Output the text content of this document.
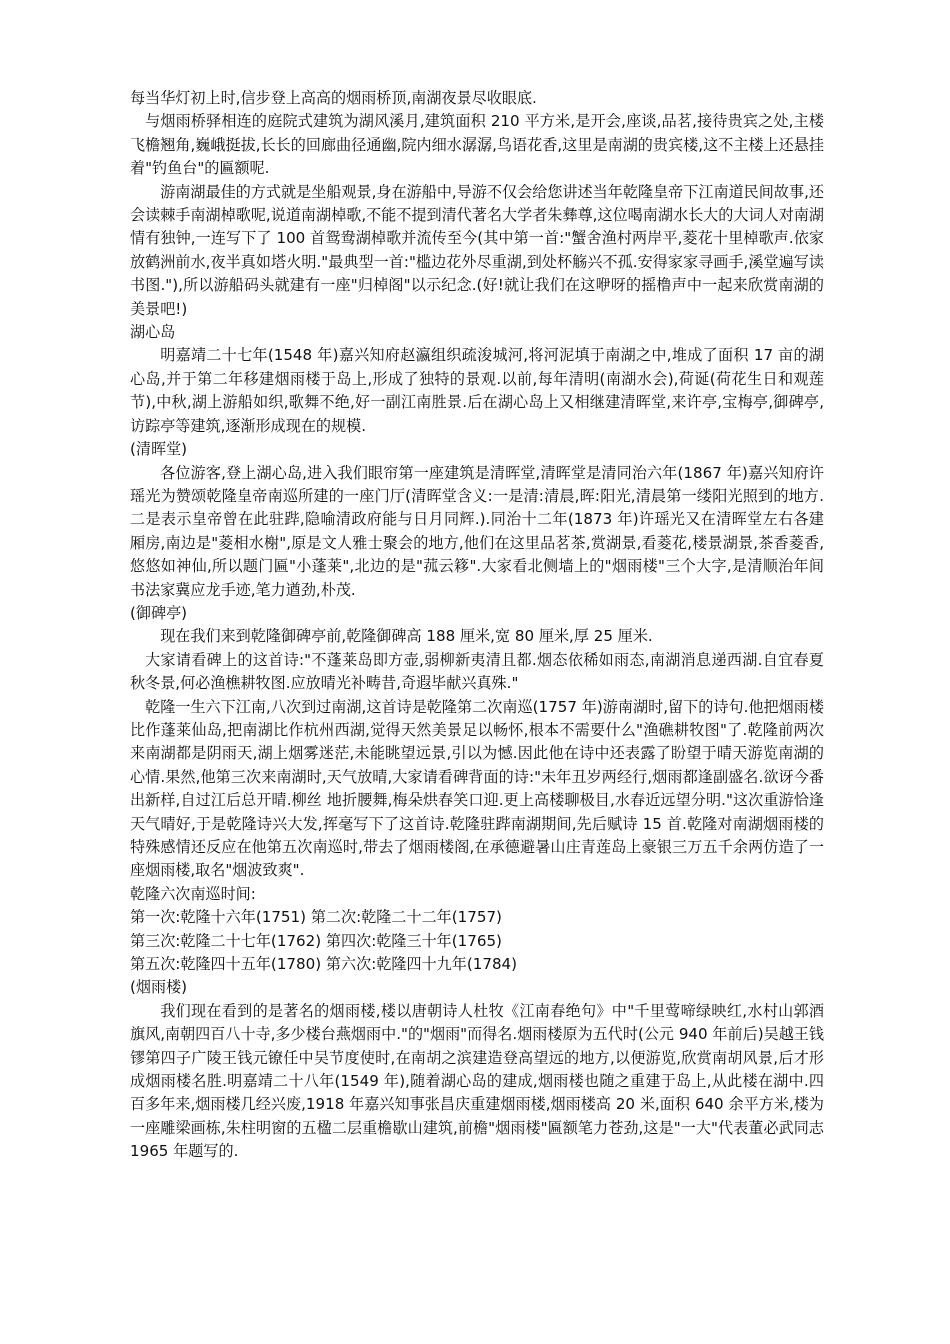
每当华灯初上时,信步登上高高的烟雨桥顶,南湖夜景尽收眼底.

与烟雨桥驿相连的庭院式建筑为湖风溪月,建筑面积 210 平方米,是开会,座谈,品茗,接待贵宾之处,主楼飞檐翘角,巍峨挺拔,长长的回廊曲径通幽,院内细水潺潺,鸟语花香,这里是南湖的贵宾楼,这不主楼上还悬挂着"钓鱼台"的匾额呢.

游南湖最佳的方式就是坐船观景,身在游船中,导游不仅会给您讲述当年乾隆皇帝下江南道民间故事,还会读棘手南湖棹歌呢,说道南湖棹歌,不能不提到清代著名大学者朱彝尊,这位喝南湖水长大的大词人对南湖情有独钟,一连写下了 100 首鸳鸯湖棹歌并流传至今(其中第一首:"蟹舍渔村两岸平,菱花十里棹歌声.依家放鹤洲前水,夜半真如塔火明."最典型一首:"槛边花外尽重湖,到处杯觞兴不孤.安得家家寻画手,溪堂遍写读书图."),所以游船码头就建有一座"归棹阁"以示纪念.(好!就让我们在这咿呀的摇橹声中一起来欣赏南湖的美景吧!)

湖心岛

明嘉靖二十七年(1548 年)嘉兴知府赵瀛组织疏浚城河,将河泥填于南湖之中,堆成了面积 17 亩的湖心岛,并于第二年移建烟雨楼于岛上,形成了独特的景观.以前,每年清明(南湖水会),荷诞(荷花生日和观莲节),中秋,湖上游船如织,歌舞不绝,好一副江南胜景.后在湖心岛上又相继建清晖堂,来许亭,宝梅亭,御碑亭,访踪亭等建筑,逐渐形成现在的规模.

(清晖堂)

各位游客,登上湖心岛,进入我们眼帘第一座建筑是清晖堂,清晖堂是清同治六年(1867 年)嘉兴知府许瑶光为赞颂乾隆皇帝南巡所建的一座门厅(清晖堂含义:一是清:清晨,晖:阳光,清晨第一缕阳光照到的地方.二是表示皇帝曾在此驻跸,隐喻清政府能与日月同辉.).同治十二年(1873 年)许瑶光又在清晖堂左右各建厢房,南边是"菱相水榭",原是文人雅士聚会的地方,他们在这里品茗茶,赏湖景,看菱花,楼景湖景,茶香菱香,悠悠如神仙,所以题门匾"小蓬莱",北边的是"菰云簃".大家看北侧墙上的"烟雨楼"三个大字,是清顺治年间书法家冀应龙手迹,笔力遒劲,朴茂.

(御碑亭)

现在我们来到乾隆御碑亭前,乾隆御碑高 188 厘米,宽 80 厘米,厚 25 厘米.

大家请看碑上的这首诗:"不蓬莱岛即方壶,弱柳新夷清且都.烟态依稀如雨态,南湖消息递西湖.自宜春夏秋冬景,何必渔樵耕牧图.应放晴光补畴昔,奇遐毕献兴真殊."

乾隆一生六下江南,八次到过南湖,这首诗是乾隆第二次南巡(1757 年)游南湖时,留下的诗句.他把烟雨楼比作蓬莱仙岛,把南湖比作杭州西湖,觉得天然美景足以畅怀,根本不需要什么"渔礁耕牧图"了.乾隆前两次来南湖都是阴雨天,湖上烟雾迷茫,未能眺望远景,引以为憾.因此他在诗中还表露了盼望于晴天游览南湖的心情.果然,他第三次来南湖时,天气放晴,大家请看碑背面的诗:"未年丑岁两经行,烟雨都逢副盛名.欲讶今番出新样,自过江后总开晴.柳丝 地折腰舞,梅朵烘春笑口迎.更上高楼聊极目,水春近远望分明."这次重游恰逢天气晴好,于是乾隆诗兴大发,挥毫写下了这首诗.乾隆驻跸南湖期间,先后赋诗 15 首.乾隆对南湖烟雨楼的特殊感情还反应在他第五次南巡时,带去了烟雨楼阁,在承德避暑山庄青莲岛上豪银三万五千余两仿造了一座烟雨楼,取名"烟波致爽".

乾隆六次南巡时间:

第一次:乾隆十六年(1751) 第二次:乾隆二十二年(1757)

第三次:乾隆二十七年(1762) 第四次:乾隆三十年(1765)

第五次:乾隆四十五年(1780) 第六次:乾隆四十九年(1784)

(烟雨楼)

我们现在看到的是著名的烟雨楼,楼以唐朝诗人杜牧《江南春绝句》中"千里莺啼绿映红,水村山郭酒旗风,南朝四百八十寺,多少楼台燕烟雨中."的"烟雨"而得名.烟雨楼原为五代时(公元 940 年前后)吴越王钱镠第四子广陵王钱元镣任中吴节度使时,在南胡之滨建造登高望远的地方,以便游览,欣赏南胡风景,后才形成烟雨楼名胜.明嘉靖二十八年(1549 年),随着湖心岛的建成,烟雨楼也随之重建于岛上,从此楼在湖中.四百多年来,烟雨楼几经兴废,1918 年嘉兴知事张昌庆重建烟雨楼,烟雨楼高 20 米,面积 640 余平方米,楼为一座雕梁画栋,朱柱明窗的五楹二层重檐歇山建筑,前檐"烟雨楼"匾额笔力苍劲,这是"一大"代表董必武同志 1965 年题写的.
